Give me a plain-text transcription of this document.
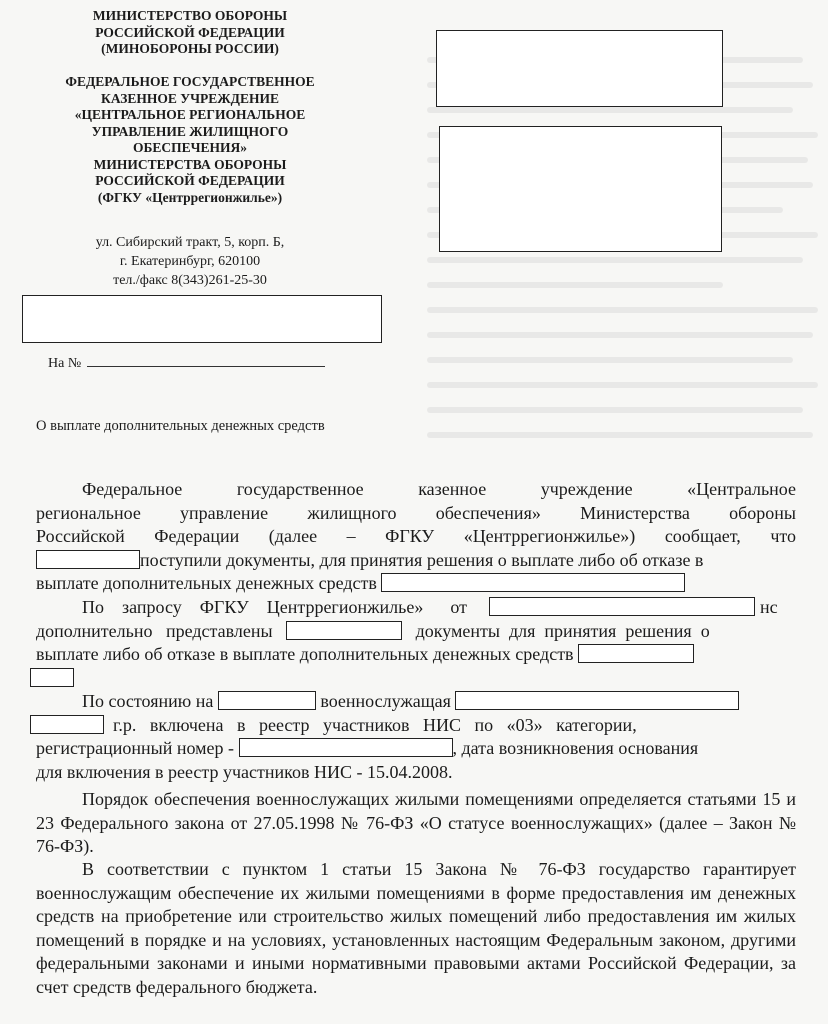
МИНИСТЕРСТВО ОБОРОНЫ
РОССИЙСКОЙ ФЕДЕРАЦИИ
(МИНОБОРОНЫ РОССИИ)
ФЕДЕРАЛЬНОЕ ГОСУДАРСТВЕННОЕ
КАЗЕННОЕ УЧРЕЖДЕНИЕ
«ЦЕНТРАЛЬНОЕ РЕГИОНАЛЬНОЕ
УПРАВЛЕНИЕ ЖИЛИЩНОГО
ОБЕСПЕЧЕНИЯ»
МИНИСТЕРСТВА ОБОРОНЫ
РОССИЙСКОЙ ФЕДЕРАЦИИ
(ФГКУ «Центррегионжилье»)
ул. Сибирский тракт, 5, корп. Б,
г. Екатеринбург, 620100
тел./факс 8(343)261-25-30
На №
О выплате дополнительных денежных средств
Федеральное	государственное	казенное	учреждение	«Центральное
региональное управление жилищного обеспечения» Министерства обороны
Российской Федерации (далее – ФГКУ «Центррегионжилье») сообщает, что
поступили документы, для принятия решения о выплате либо об отказе в
выплате дополнительных денежных средств
По запросу ФГКУ Центррегионжилье» от	нс
дополнительно   представлены	документы  для  принятия  решения  о
выплате либо об отказе в выплате дополнительных денежных средств
По состоянию на	военнослужащая
г.р.   включена   в   реестр   участников   НИС   по   «03»   категории,
регистрационный номер -	, дата возникновения основания
для включения в реестр участников НИС - 15.04.2008.
Порядок обеспечения военнослужащих жилыми помещениями определяется статьями 15 и 23 Федерального закона от 27.05.1998 № 76-ФЗ «О статусе военнослужащих» (далее – Закон № 76-ФЗ).
В соответствии с пунктом 1 статьи 15 Закона № 76-ФЗ государство гарантирует военнослужащим обеспечение их жилыми помещениями в форме предоставления им денежных средств на приобретение или строительство жилых помещений либо предоставления им жилых помещений в порядке и на условиях, установленных настоящим Федеральным законом, другими федеральными законами и иными нормативными правовыми актами Российской Федерации, за счет средств федерального бюджета.
